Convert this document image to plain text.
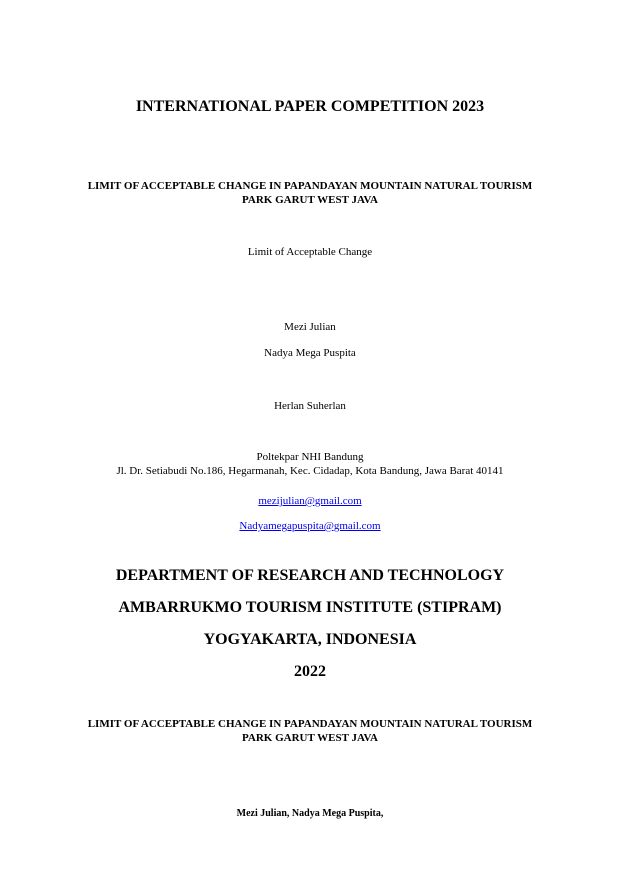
INTERNATIONAL PAPER COMPETITION 2023
LIMIT OF ACCEPTABLE CHANGE IN PAPANDAYAN MOUNTAIN NATURAL TOURISM
PARK GARUT WEST JAVA
Limit of Acceptable Change
Mezi Julian
Nadya Mega Puspita
Herlan Suherlan
Poltekpar NHI Bandung
Jl. Dr. Setiabudi No.186, Hegarmanah, Kec. Cidadap, Kota Bandung, Jawa Barat 40141
mezijulian@gmail.com
Nadyamegapuspita@gmail.com
DEPARTMENT OF RESEARCH AND TECHNOLOGY
AMBARRUKMO TOURISM INSTITUTE (STIPRAM)
YOGYAKARTA, INDONESIA
2022
LIMIT OF ACCEPTABLE CHANGE IN PAPANDAYAN MOUNTAIN NATURAL TOURISM
PARK GARUT WEST JAVA
Mezi Julian, Nadya Mega Puspita,
